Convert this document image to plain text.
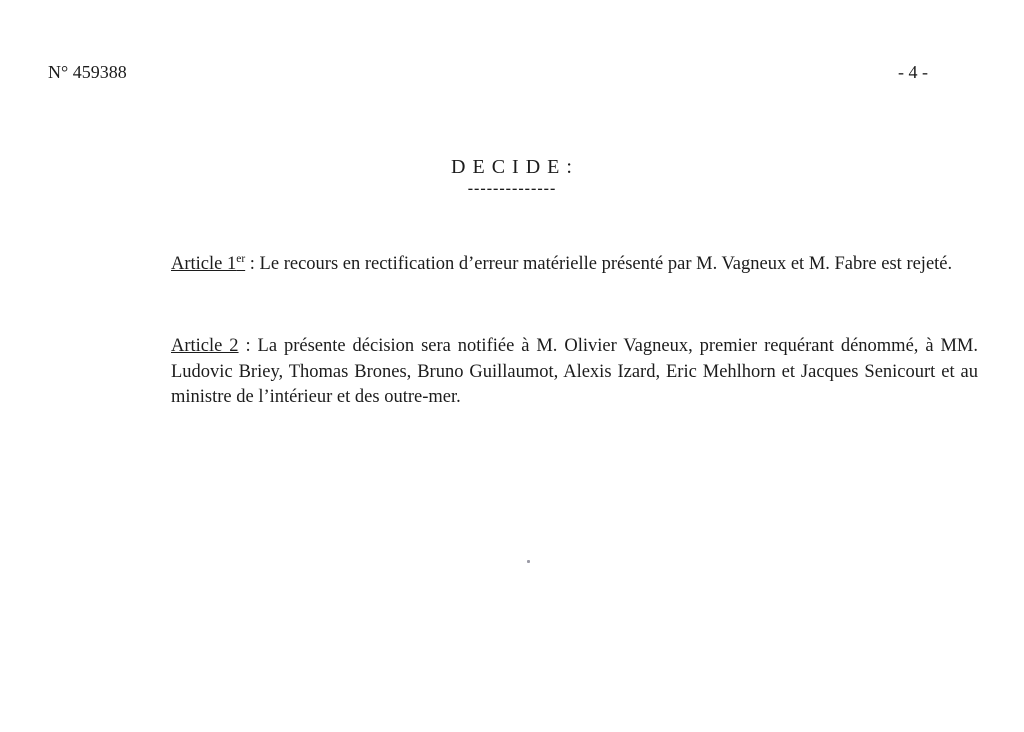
N° 459388	- 4 -
D E C I D E :
--------------

Article 1er : Le recours en rectification d’erreur matérielle présenté par M. Vagneux et M. Fabre est rejeté.

Article 2 : La présente décision sera notifiée à M. Olivier Vagneux, premier requérant dénommé, à MM. Ludovic Briey, Thomas Brones, Bruno Guillaumot, Alexis Izard, Eric Mehlhorn et Jacques Senicourt et au ministre de l’intérieur et des outre-mer.
